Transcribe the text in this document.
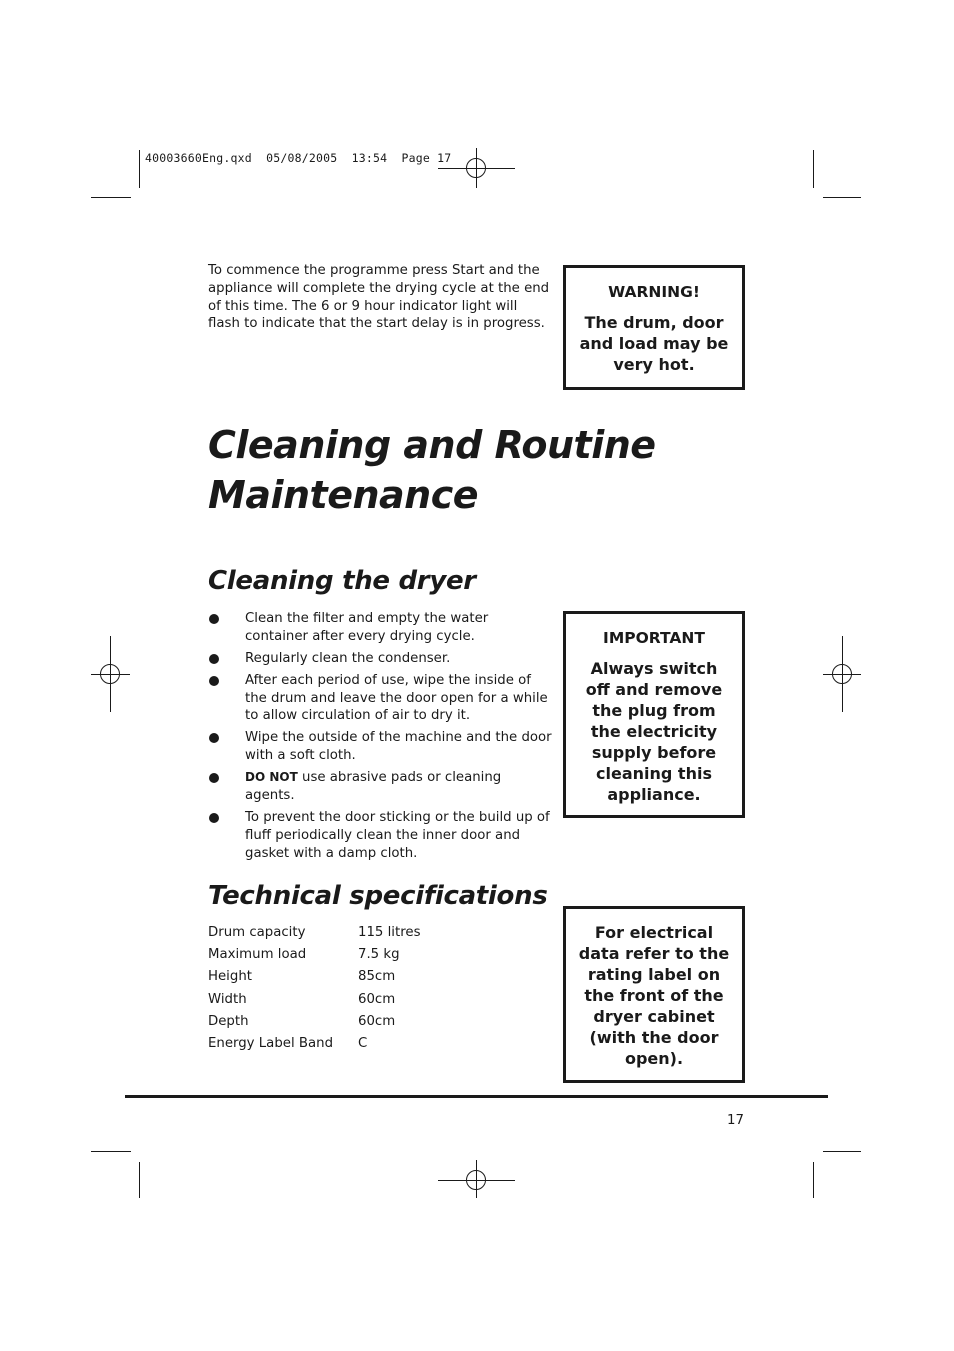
40003660Eng.qxd  05/08/2005  13:54  Page 17
To commence the programme press Start and the appliance will complete the drying cycle at the end of this time. The 6 or 9 hour indicator light will flash to indicate that the start delay is in progress.
WARNING!
The drum, door and load may be very hot.
Cleaning and Routine
Maintenance
Cleaning the dryer
Clean the filter and empty the water container after every drying cycle.
Regularly clean the condenser.
After each period of use, wipe the inside of the drum and leave the door open for a while to allow circulation of air to dry it.
Wipe the outside of the machine and the door with a soft cloth.
DO NOT use abrasive pads or cleaning agents.
To prevent the door sticking or the build up of fluff periodically clean the inner door and gasket with a damp cloth.
IMPORTANT
Always switch off and remove the plug from the electricity supply before cleaning this appliance.
Technical specifications
Drum capacity	115 litres
Maximum load	7.5 kg
Height	85cm
Width	60cm
Depth	60cm
Energy Label Band	C
For electrical data refer to the rating label on the front of the dryer cabinet (with the door open).
17
